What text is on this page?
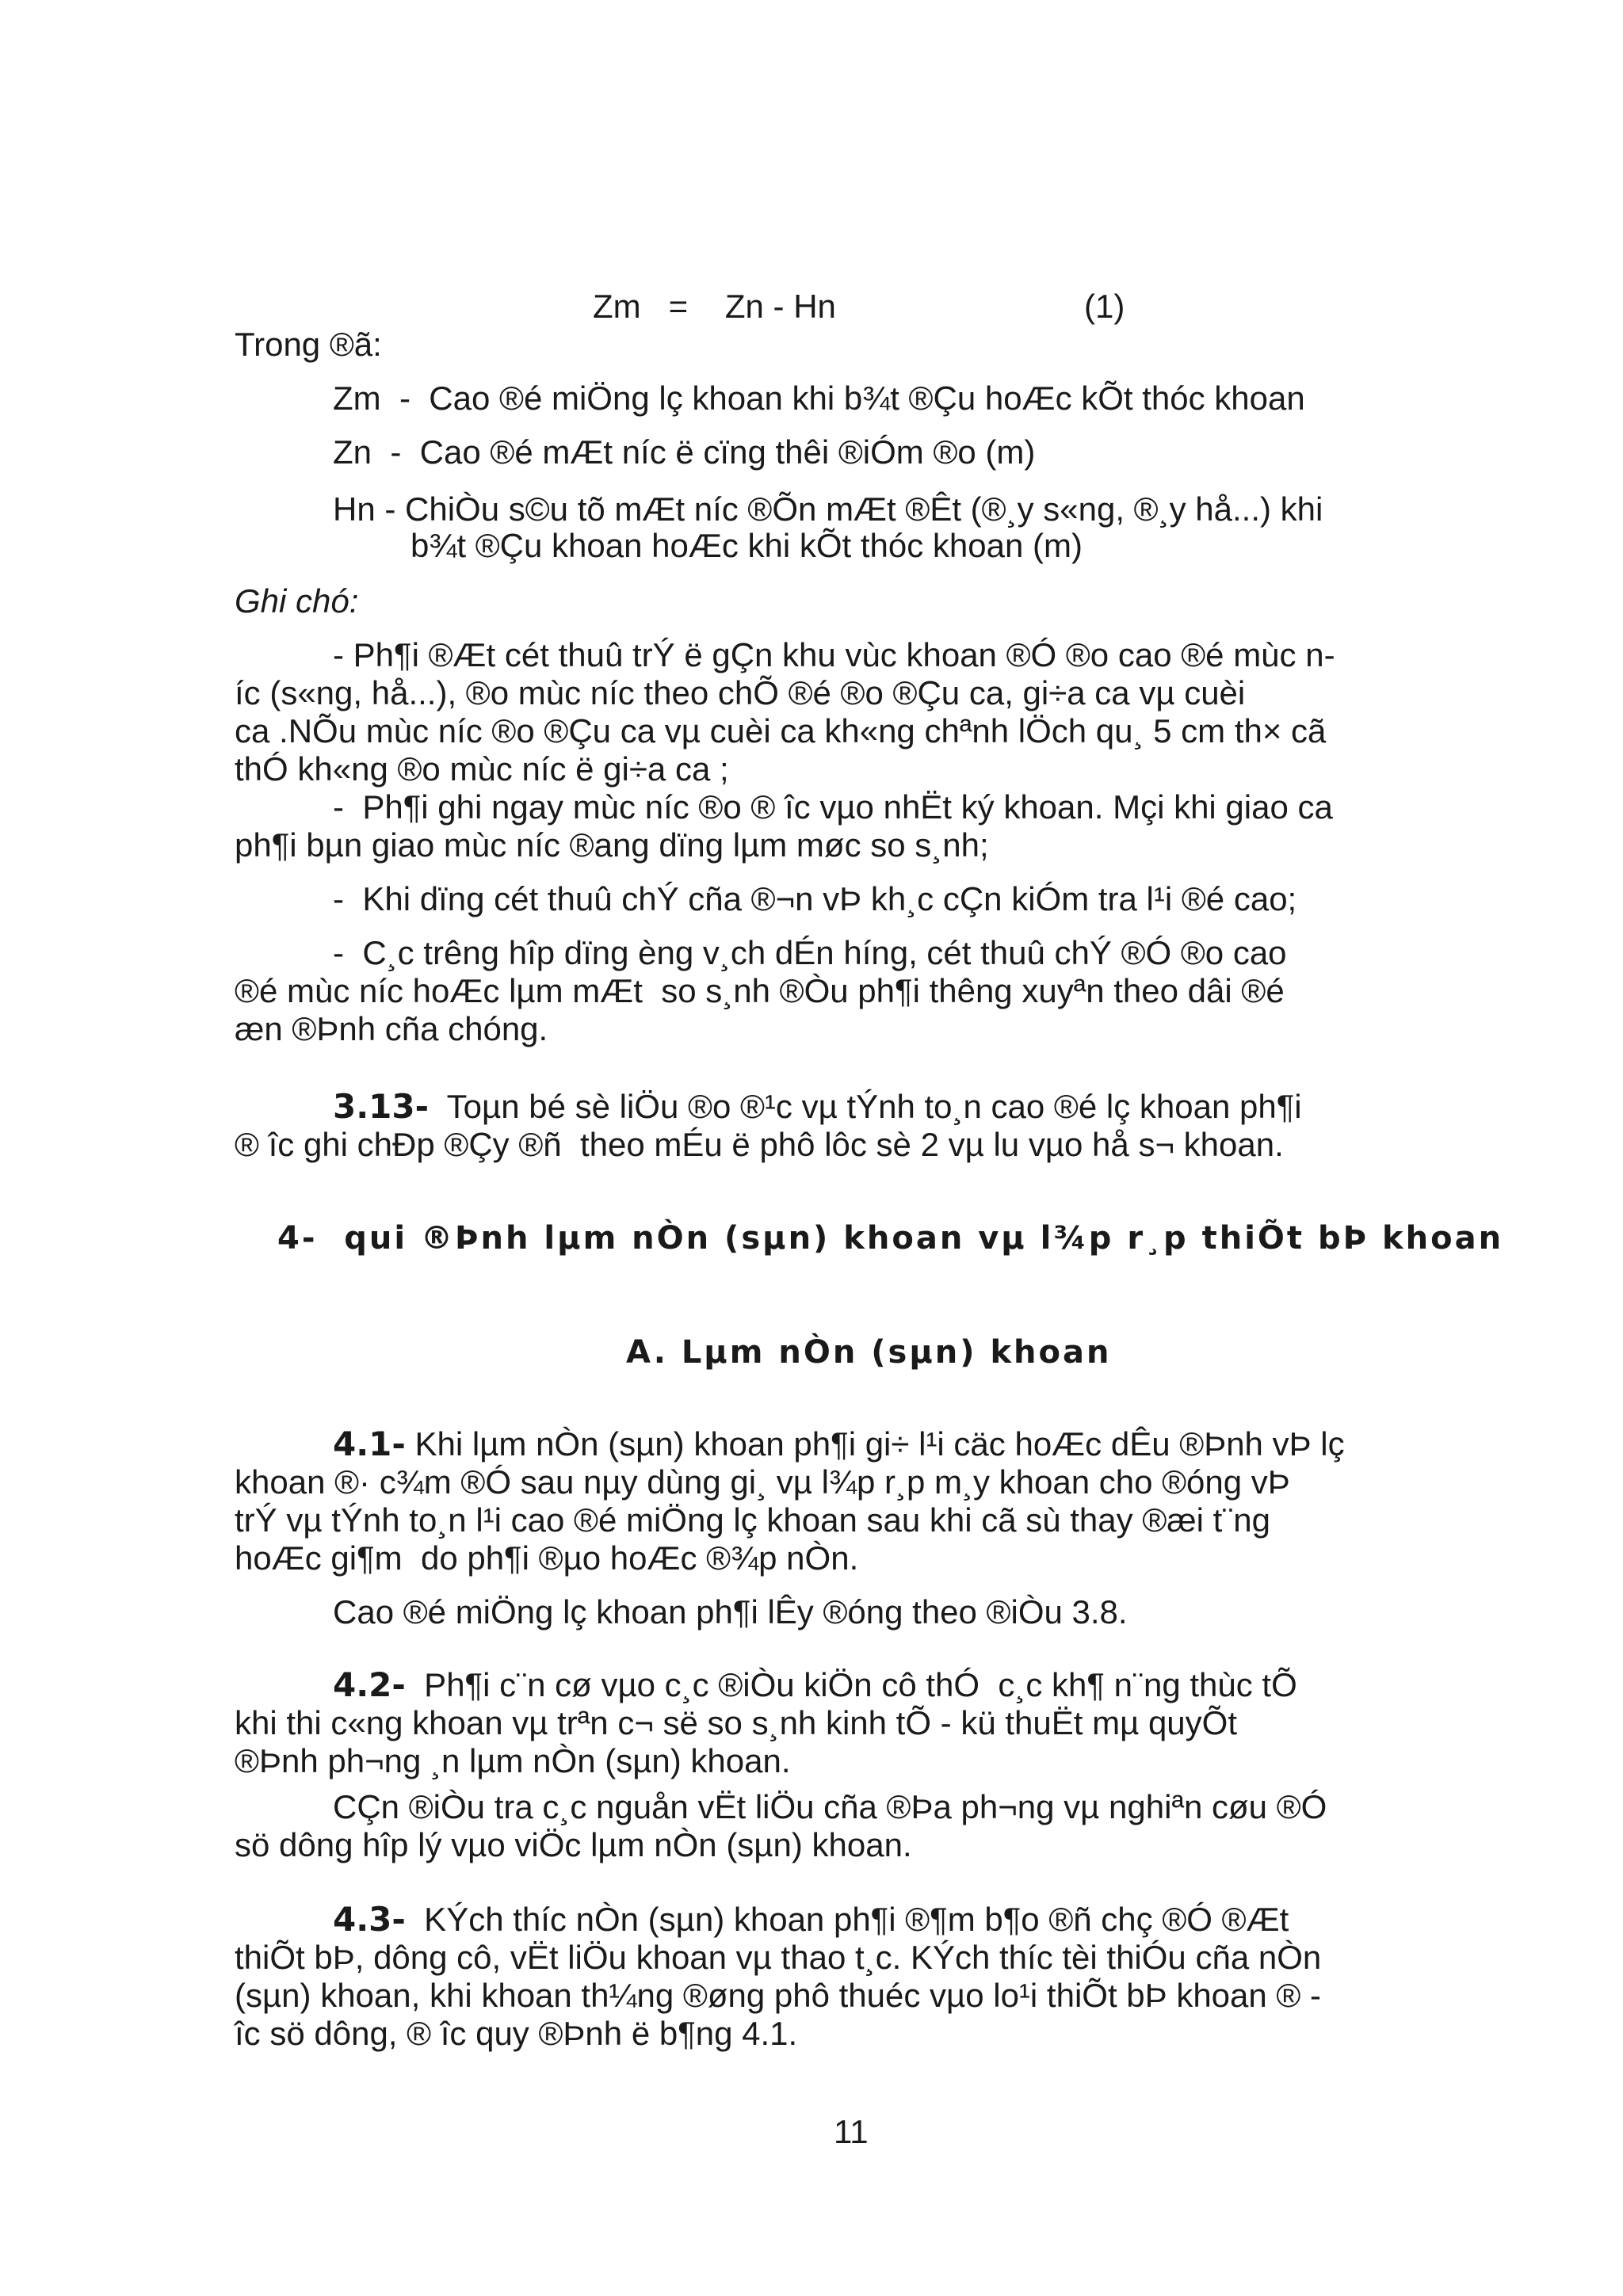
Zm   =    Zn - Hn	(1)
Trong ®ã:
Zm  -  Cao ®é miÖng lç khoan khi b¾t ®Çu hoÆc kÕt thóc khoan
Zn  -  Cao ®é mÆt níc ë cïng thêi ®iÓm ®o (m)
Hn - ChiÒu s©u tõ mÆt níc ®Õn mÆt ®Êt (®¸y s«ng, ®¸y hå...) khi
b¾t ®Çu khoan hoÆc khi kÕt thóc khoan (m)
Ghi chó:
- Ph¶i ®Æt cét thuû trÝ ë gÇn khu vùc khoan ®Ó ®o cao ®é mùc n-
íc (s«ng, hå...), ®o mùc níc theo chÕ ®é ®o ®Çu ca, gi÷a ca vµ cuèi
ca .NÕu mùc níc ®o ®Çu ca vµ cuèi ca kh«ng chªnh lÖch qu¸ 5 cm th× cã
thÓ kh«ng ®o mùc níc ë gi÷a ca ;
-  Ph¶i ghi ngay mùc níc ®o ® îc vµo nhËt ký khoan. Mçi khi giao ca
ph¶i bµn giao mùc níc ®ang dïng lµm møc so s¸nh;
-  Khi dïng cét thuû chÝ cña ®¬n vÞ kh¸c cÇn kiÓm tra l¹i ®é cao;
-  C¸c trêng hîp dïng èng v¸ch dÉn híng, cét thuû chÝ ®Ó ®o cao
®é mùc níc hoÆc lµm mÆt  so s¸nh ®Òu ph¶i thêng xuyªn theo dâi ®é
æn ®Þnh cña chóng.
3.13-  Toµn bé sè liÖu ®o ®¹c vµ tÝnh to¸n cao ®é lç khoan ph¶i
® îc ghi chÐp ®Çy ®ñ  theo mÉu ë phô lôc sè 2 vµ lu vµo hå s¬ khoan.
4-  qui ®Þnh lµm nÒn (sµn) khoan vµ l¾p r¸p thiÕt bÞ khoan
A. Lµm nÒn (sµn) khoan
4.1- Khi lµm nÒn (sµn) khoan ph¶i gi÷ l¹i cäc hoÆc dÊu ®Þnh vÞ lç
khoan ®· c¾m ®Ó sau nµy dùng gi¸ vµ l¾p r¸p m¸y khoan cho ®óng vÞ
trÝ vµ tÝnh to¸n l¹i cao ®é miÖng lç khoan sau khi cã sù thay ®æi t¨ng
hoÆc gi¶m  do ph¶i ®µo hoÆc ®¾p nÒn.
Cao ®é miÖng lç khoan ph¶i lÊy ®óng theo ®iÒu 3.8.
4.2-  Ph¶i c¨n cø vµo c¸c ®iÒu kiÖn cô thÓ  c¸c kh¶ n¨ng thùc tÕ
khi thi c«ng khoan vµ trªn c¬ së so s¸nh kinh tÕ - kü thuËt mµ quyÕt
®Þnh ph¬ng ¸n lµm nÒn (sµn) khoan.
CÇn ®iÒu tra c¸c nguån vËt liÖu cña ®Þa ph¬ng vµ nghiªn cøu ®Ó
sö dông hîp lý vµo viÖc lµm nÒn (sµn) khoan.
4.3-  KÝch thíc nÒn (sµn) khoan ph¶i ®¶m b¶o ®ñ chç ®Ó ®Æt
thiÕt bÞ, dông cô, vËt liÖu khoan vµ thao t¸c. KÝch thíc tèi thiÓu cña nÒn
(sµn) khoan, khi khoan th¼ng ®øng phô thuéc vµo lo¹i thiÕt bÞ khoan ® -
îc sö dông, ® îc quy ®Þnh ë b¶ng 4.1.
11
